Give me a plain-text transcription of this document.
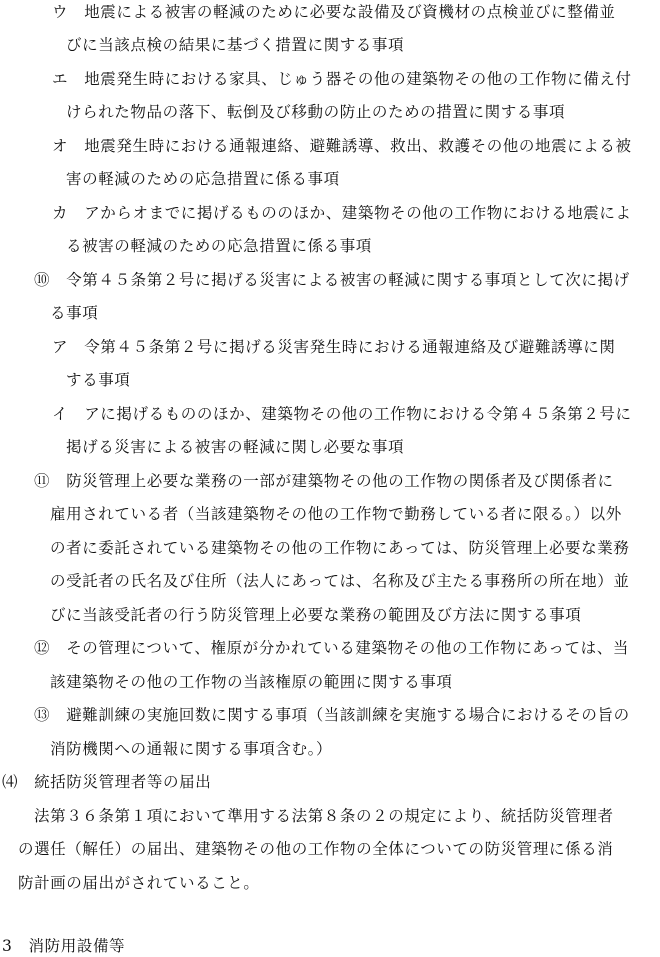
ウ　地震による被害の軽減のために必要な設備及び資機材の点検並びに整備並
びに当該点検の結果に基づく措置に関する事項
エ　地震発生時における家具、じゅう器その他の建築物その他の工作物に備え付
けられた物品の落下、転倒及び移動の防止のための措置に関する事項
オ　地震発生時における通報連絡、避難誘導、救出、救護その他の地震による被
害の軽減のための応急措置に係る事項
カ　アからオまでに掲げるもののほか、建築物その他の工作物における地震によ
る被害の軽減のための応急措置に係る事項
⑩　令第４５条第２号に掲げる災害による被害の軽減に関する事項として次に掲げ
る事項
ア　令第４５条第２号に掲げる災害発生時における通報連絡及び避難誘導に関
する事項
イ　アに掲げるもののほか、建築物その他の工作物における令第４５条第２号に
掲げる災害による被害の軽減に関し必要な事項
⑪　防災管理上必要な業務の一部が建築物その他の工作物の関係者及び関係者に
雇用されている者（当該建築物その他の工作物で勤務している者に限る。）以外
の者に委託されている建築物その他の工作物にあっては、防災管理上必要な業務
の受託者の氏名及び住所（法人にあっては、名称及び主たる事務所の所在地）並
びに当該受託者の行う防災管理上必要な業務の範囲及び方法に関する事項
⑫　その管理について、権原が分かれている建築物その他の工作物にあっては、当
該建築物その他の工作物の当該権原の範囲に関する事項
⑬　避難訓練の実施回数に関する事項（当該訓練を実施する場合におけるその旨の
消防機関への通報に関する事項含む。）
⑷　統括防災管理者等の届出
法第３６条第１項において準用する法第８条の２の規定により、統括防災管理者
の選任（解任）の届出、建築物その他の工作物の全体についての防災管理に係る消
防計画の届出がされていること。
3　消防用設備等
